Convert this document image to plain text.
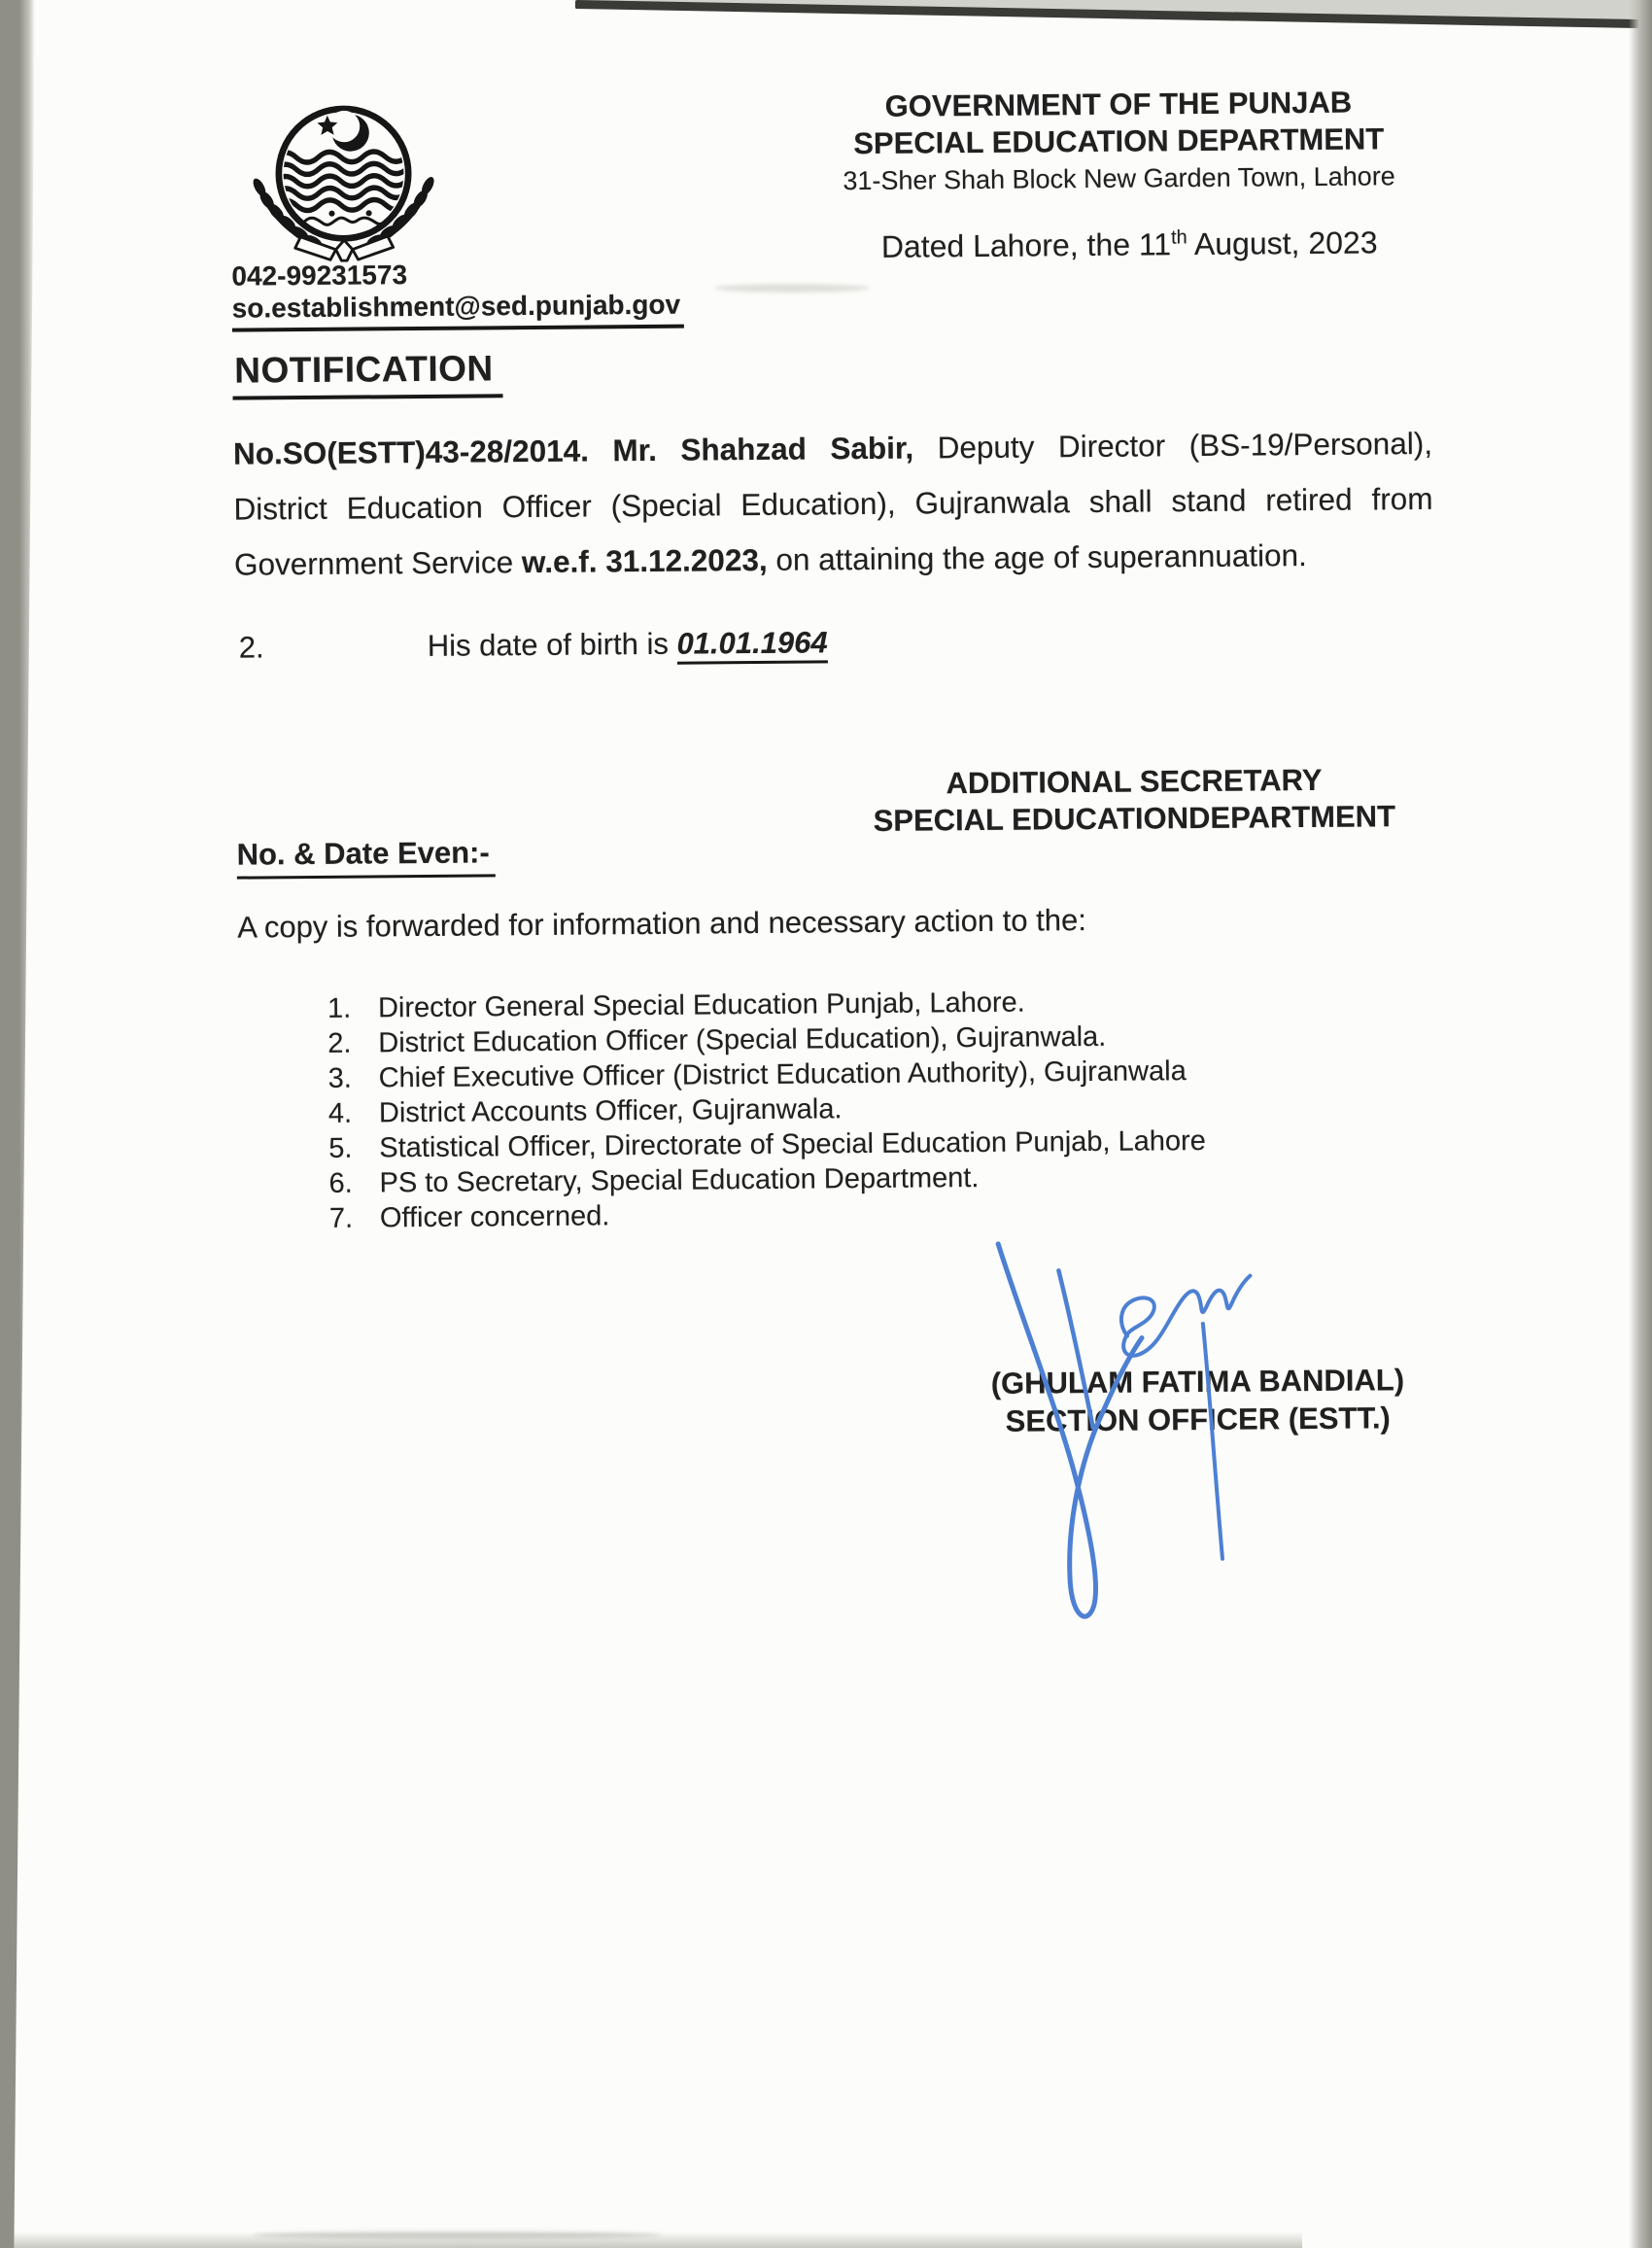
042-99231573
so.establishment@sed.punjab.gov
GOVERNMENT OF THE PUNJAB
SPECIAL EDUCATION DEPARTMENT
31-Sher Shah Block New Garden Town, Lahore
Dated Lahore, the 11th August, 2023
NOTIFICATION
No.SO(ESTT)43-28/2014. Mr. Shahzad Sabir, Deputy Director (BS-19/Personal), District Education Officer (Special Education), Gujranwala shall stand retired from Government Service w.e.f. 31.12.2023, on attaining the age of superannuation.
2.	His date of birth is 01.01.1964
ADDITIONAL SECRETARY
SPECIAL EDUCATIONDEPARTMENT
No. & Date Even:-
A copy is forwarded for information and necessary action to the:
1. Director General Special Education Punjab, Lahore.
2. District Education Officer (Special Education), Gujranwala.
3. Chief Executive Officer (District Education Authority), Gujranwala
4. District Accounts Officer, Gujranwala.
5. Statistical Officer, Directorate of Special Education Punjab, Lahore
6. PS to Secretary, Special Education Department.
7. Officer concerned.
(GHULAM FATIMA BANDIAL)
SECTION OFFICER (ESTT.)
